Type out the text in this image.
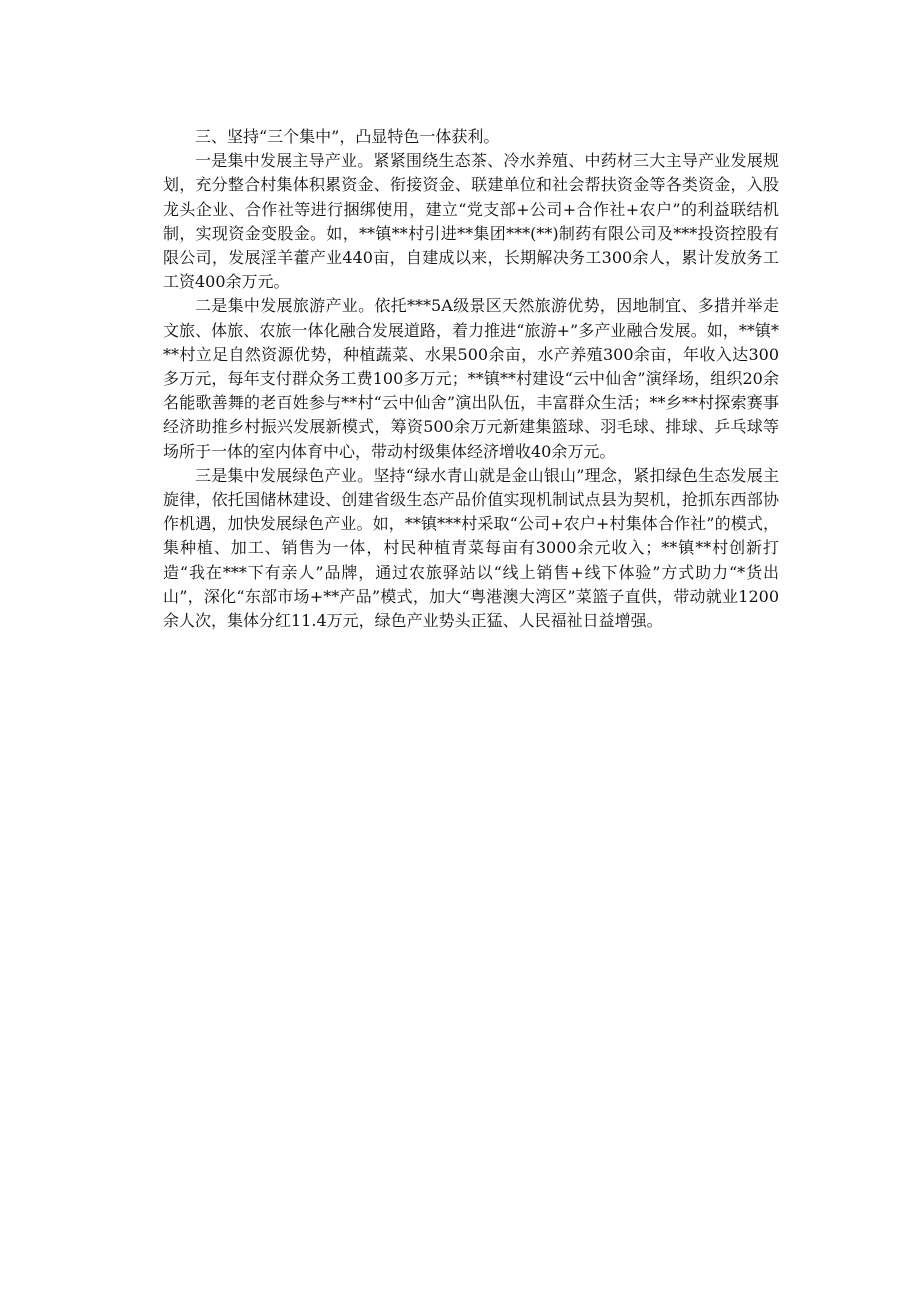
三、坚持“三个集中”，凸显特色一体获利。

一是集中发展主导产业。紧紧围绕生态茶、冷水养殖、中药材三大主导产业发展规划，充分整合村集体积累资金、衔接资金、联建单位和社会帮扶资金等各类资金，入股龙头企业、合作社等进行捆绑使用，建立“党支部+公司+合作社+农户”的利益联结机制，实现资金变股金。如，**镇**村引进**集团***(**)制药有限公司及***投资控股有限公司，发展淫羊藿产业440亩，自建成以来，长期解决务工300余人，累计发放务工工资400余万元。

二是集中发展旅游产业。依托***5A级景区天然旅游优势，因地制宜、多措并举走文旅、体旅、农旅一体化融合发展道路，着力推进“旅游+”多产业融合发展。如，**镇***村立足自然资源优势，种植蔬菜、水果500余亩，水产养殖300余亩，年收入达300多万元，每年支付群众务工费100多万元；**镇**村建设“云中仙舍”演绎场，组织20余名能歌善舞的老百姓参与**村“云中仙舍”演出队伍，丰富群众生活；**乡**村探索赛事经济助推乡村振兴发展新模式，筹资500余万元新建集篮球、羽毛球、排球、乒乓球等场所于一体的室内体育中心，带动村级集体经济增收40余万元。

三是集中发展绿色产业。坚持“绿水青山就是金山银山”理念，紧扣绿色生态发展主旋律，依托国储林建设、创建省级生态产品价值实现机制试点县为契机，抢抓东西部协作机遇，加快发展绿色产业。如，**镇***村采取“公司+农户+村集体合作社”的模式，集种植、加工、销售为一体，村民种植青菜每亩有3000余元收入；**镇**村创新打造“我在***下有亲人”品牌，通过农旅驿站以“线上销售+线下体验”方式助力“*货出山”，深化“东部市场+**产品”模式，加大“粤港澳大湾区”菜篮子直供，带动就业1200余人次，集体分红11.4万元，绿色产业势头正猛、人民福祉日益增强。
